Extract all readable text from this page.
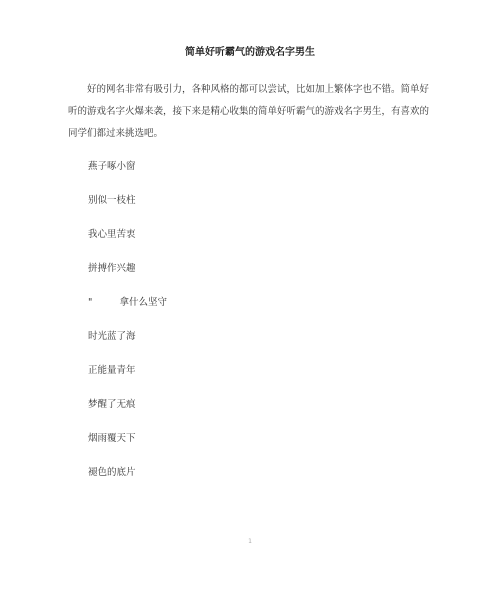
简单好听霸气的游戏名字男生

好的网名非常有吸引力，各种风格的都可以尝试，比如加上繁体字也不错。简单好听的游戏名字火爆来袭，接下来是精心收集的简单好听霸气的游戏名字男生，有喜欢的同学们都过来挑选吧。

燕子啄小窗
别似一枝柱
我心里苦衷
拼搏作兴趣
"         拿什么坚守
时光蓝了海
正能量青年
梦醒了无痕
烟雨覆天下
褪色的底片
1
